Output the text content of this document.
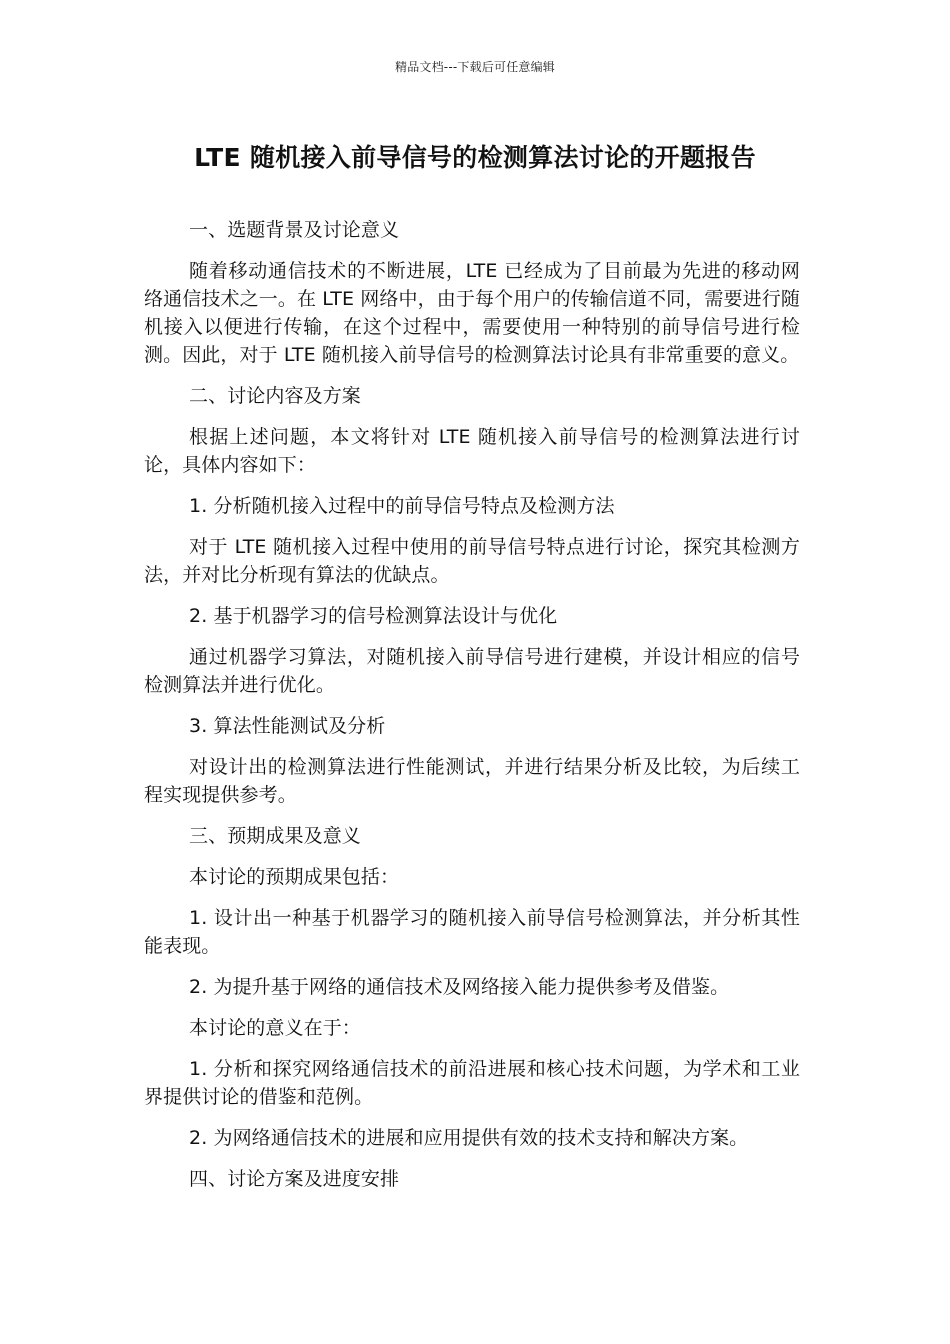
精品文档---下载后可任意编辑
LTE 随机接入前导信号的检测算法讨论的开题报告

一、选题背景及讨论意义

随着移动通信技术的不断进展，LTE 已经成为了目前最为先进的移动网络通信技术之一。在 LTE 网络中，由于每个用户的传输信道不同，需要进行随机接入以便进行传输，在这个过程中，需要使用一种特别的前导信号进行检测。因此，对于 LTE 随机接入前导信号的检测算法讨论具有非常重要的意义。

二、讨论内容及方案

根据上述问题，本文将针对 LTE 随机接入前导信号的检测算法进行讨论，具体内容如下：

1. 分析随机接入过程中的前导信号特点及检测方法

对于 LTE 随机接入过程中使用的前导信号特点进行讨论，探究其检测方法，并对比分析现有算法的优缺点。

2. 基于机器学习的信号检测算法设计与优化

通过机器学习算法，对随机接入前导信号进行建模，并设计相应的信号检测算法并进行优化。

3. 算法性能测试及分析

对设计出的检测算法进行性能测试，并进行结果分析及比较，为后续工程实现提供参考。

三、预期成果及意义

本讨论的预期成果包括：

1. 设计出一种基于机器学习的随机接入前导信号检测算法，并分析其性能表现。

2. 为提升基于网络的通信技术及网络接入能力提供参考及借鉴。

本讨论的意义在于：

1. 分析和探究网络通信技术的前沿进展和核心技术问题，为学术和工业界提供讨论的借鉴和范例。

2. 为网络通信技术的进展和应用提供有效的技术支持和解决方案。

四、讨论方案及进度安排
